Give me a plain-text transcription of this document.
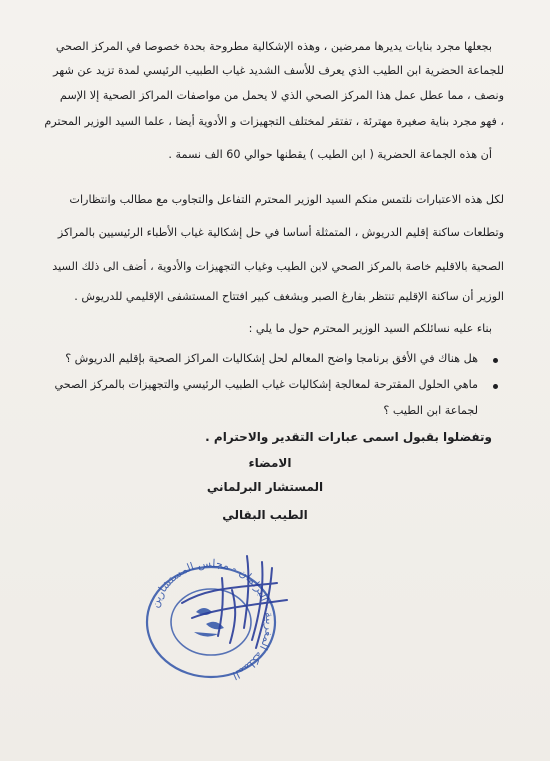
بجعلها مجرد بنايات يديرها ممرضين ، وهذه الإشكالية مطروحة بحدة خصوصا في المركز الصحي
للجماعة الحضرية ابن الطيب الذي يعرف للأسف الشديد غياب الطبيب الرئيسي لمدة تزيد عن شهر
ونصف ، مما عطل عمل هذا المركز الصحي الذي لا يحمل من مواصفات المراكز الصحية إلا الإسم
، فهو مجرد بناية صغيرة مهترئة ، تفتقر لمختلف التجهيزات و الأدوية أيضا ، علما السيد الوزير المحترم
أن هذه الجماعة الحضرية ( ابن الطيب ) يقطنها حوالي 60 الف نسمة .
لكل هذه الاعتبارات نلتمس منكم السيد الوزير المحترم التفاعل والتجاوب مع مطالب وانتظارات
وتطلعات ساكنة إقليم الدريوش ، المتمثلة أساسا في حل إشكالية غياب الأطباء الرئيسيين بالمراكز
الصحية بالاقليم خاصة بالمركز الصحي لابن الطيب وغياب التجهيزات والأدوية ، أضف الى ذلك السيد
الوزير أن ساكنة الإقليم تنتظر بفارغ الصبر وبشغف كبير افتتاح المستشفى الإقليمي للدريوش .
بناء عليه نسائلكم السيد الوزير المحترم حول ما يلي :
هل هناك في الأفق برنامجا واضح المعالم لحل إشكاليات المراكز الصحية بإقليم الدريوش ؟
ماهي الحلول المقترحة لمعالجة إشكاليات غياب الطبيب الرئيسي والتجهيزات بالمركز الصحي
لجماعة ابن الطيب ؟
وتفضلوا بقبول اسمى عبارات التقدير والاحترام .
الامضاء
المستشار البرلماني
الطيب البقالي
المملكة المغربية - البرلمان - مجلس المستشارين
